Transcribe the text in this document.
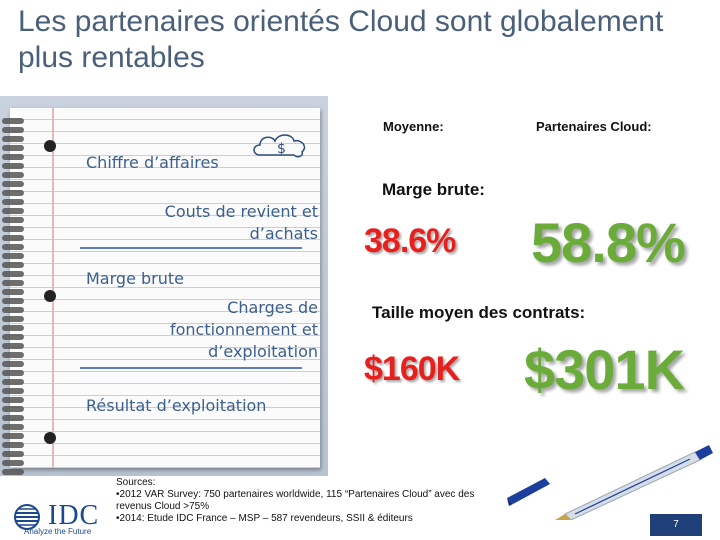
Les partenaires orientés Cloud sont globalement plus rentables
$
Chiffre d’affaires
Couts de revient et
d’achats
Marge brute
Charges de
fonctionnement et
d’exploitation
Résultat d’exploitation
Moyenne:	Partenaires Cloud:
Marge brute:
38.6% 58.8%
Taille moyen des contrats:
$160K $301K
Sources:
•2012 VAR Survey: 750 partenaires worldwide, 115 “Partenaires Cloud” avec des
revenus Cloud >75%
•2014: Etude IDC France – MSP – 587 revendeurs, SSII & éditeurs
IDC
Analyze the Future
7
